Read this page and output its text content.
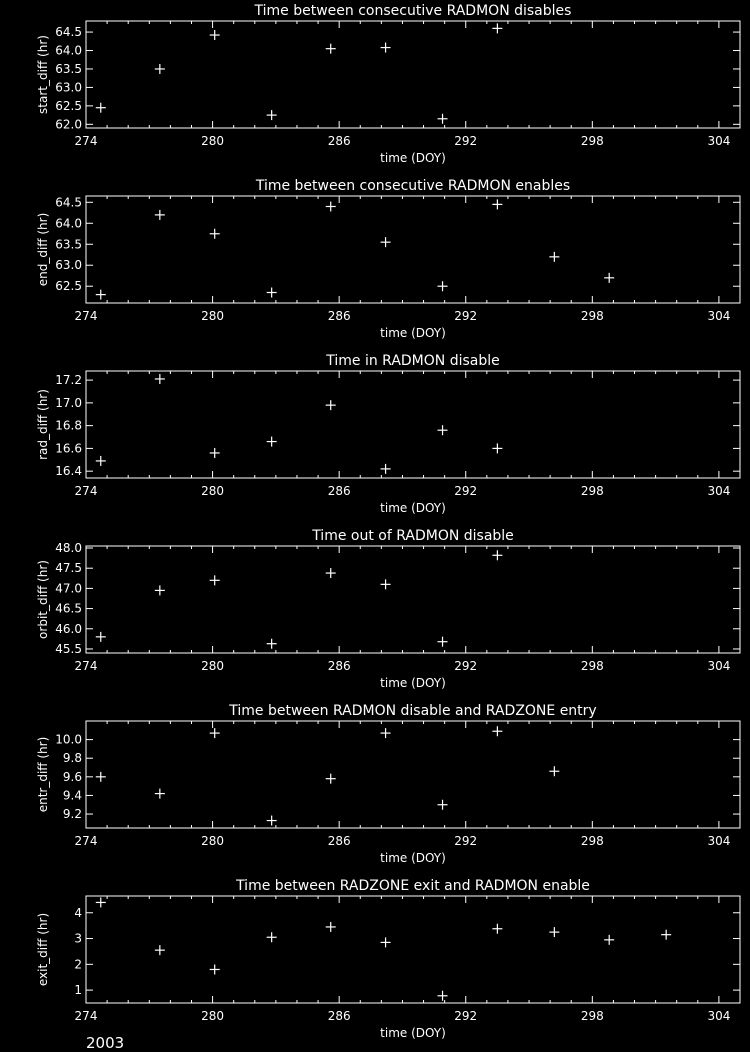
Time between consecutive RADMON disables
274	280	286	292	298	304
62.0
62.5
63.0
63.5
64.0
64.5
time (DOY)
start_diff (hr)
Time between consecutive RADMON enables
274	280	286	292	298	304
62.5
63.0
63.5
64.0
64.5
time (DOY)
end_diff (hr)
Time in RADMON disable
274	280	286	292	298	304
16.4
16.6
16.8
17.0
17.2
time (DOY)
rad_diff (hr)
Time out of RADMON disable
274	280	286	292	298	304
45.5
46.0
46.5
47.0
47.5
48.0
time (DOY)
orbit_diff (hr)
Time between RADMON disable and RADZONE entry
274	280	286	292	298	304
9.2
9.4
9.6
9.8
10.0
time (DOY)
entr_diff (hr)
Time between RADZONE exit and RADMON enable
274	280	286	292	298	304
1
2
3
4
time (DOY)
exit_diff (hr)
2003
